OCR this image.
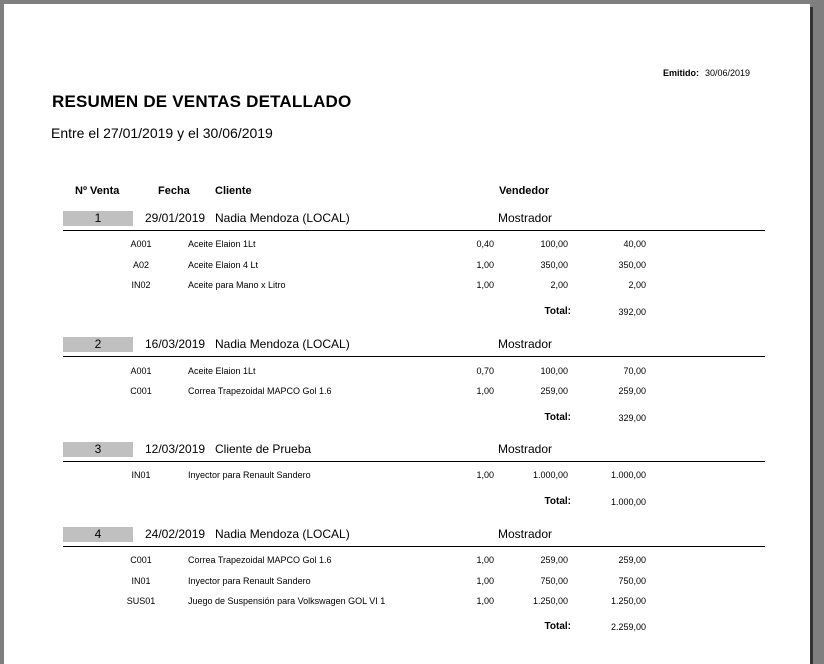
Emitido: 30/06/2019
RESUMEN DE VENTAS DETALLADO
Entre el 27/01/2019 y el 30/06/2019
Nº Venta	Fecha Cliente	Vendedor
1	29/01/2019 Nadia Mendoza (LOCAL)	Mostrador
A001	Aceite Elaion 1Lt	0,40	100,00	40,00
A02	Aceite Elaion 4 Lt	1,00	350,00	350,00
IN02	Aceite para Mano x Litro	1,00	2,00	2,00
Total:	392,00
2	16/03/2019 Nadia Mendoza (LOCAL)	Mostrador
A001	Aceite Elaion 1Lt	0,70	100,00	70,00
C001	Correa Trapezoidal MAPCO Gol 1.6	1,00	259,00	259,00
Total:	329,00
3	12/03/2019 Cliente de Prueba	Mostrador
IN01	Inyector para Renault Sandero	1,00	1.000,00	1.000,00
Total:	1.000,00
4	24/02/2019 Nadia Mendoza (LOCAL)	Mostrador
C001	Correa Trapezoidal MAPCO Gol 1.6	1,00	259,00	259,00
IN01	Inyector para Renault Sandero	1,00	750,00	750,00
SUS01	Juego de Suspensión para Volkswagen GOL VI 1	1,00	1.250,00	1.250,00
Total:	2.259,00
